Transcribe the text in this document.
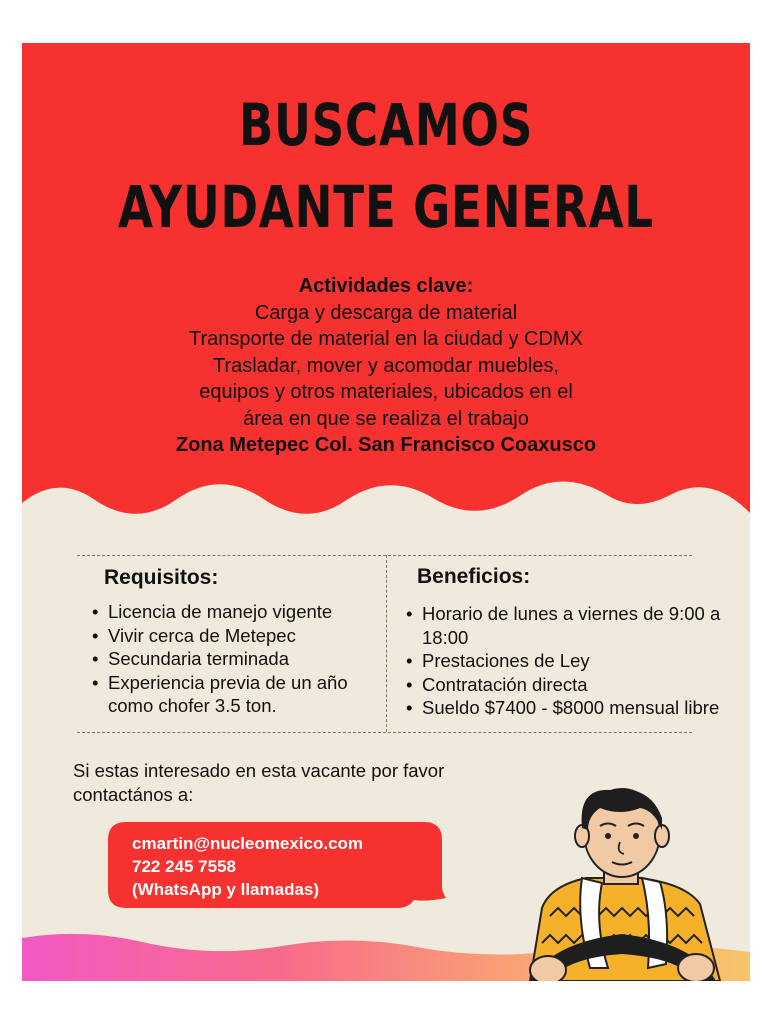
BUSCAMOS
AYUDANTE GENERAL
Actividades clave:
Carga y descarga de material
Transporte de material en la ciudad y CDMX
Trasladar, mover y acomodar muebles,
equipos y otros materiales, ubicados en el
área en que se realiza el trabajo
Zona Metepec Col. San Francisco Coaxusco
Requisitos:
• Licencia de manejo vigente
• Vivir cerca de Metepec
• Secundaria terminada
• Experiencia previa de un año como chofer 3.5 ton.
Beneficios:
• Horario de lunes a viernes de 9:00 a 18:00
• Prestaciones de Ley
• Contratación directa
• Sueldo $7400 - $8000 mensual libre
Si estas interesado en esta vacante por favor contactános a:
cmartin@nucleomexico.com
722 245 7558
(WhatsApp y llamadas)
